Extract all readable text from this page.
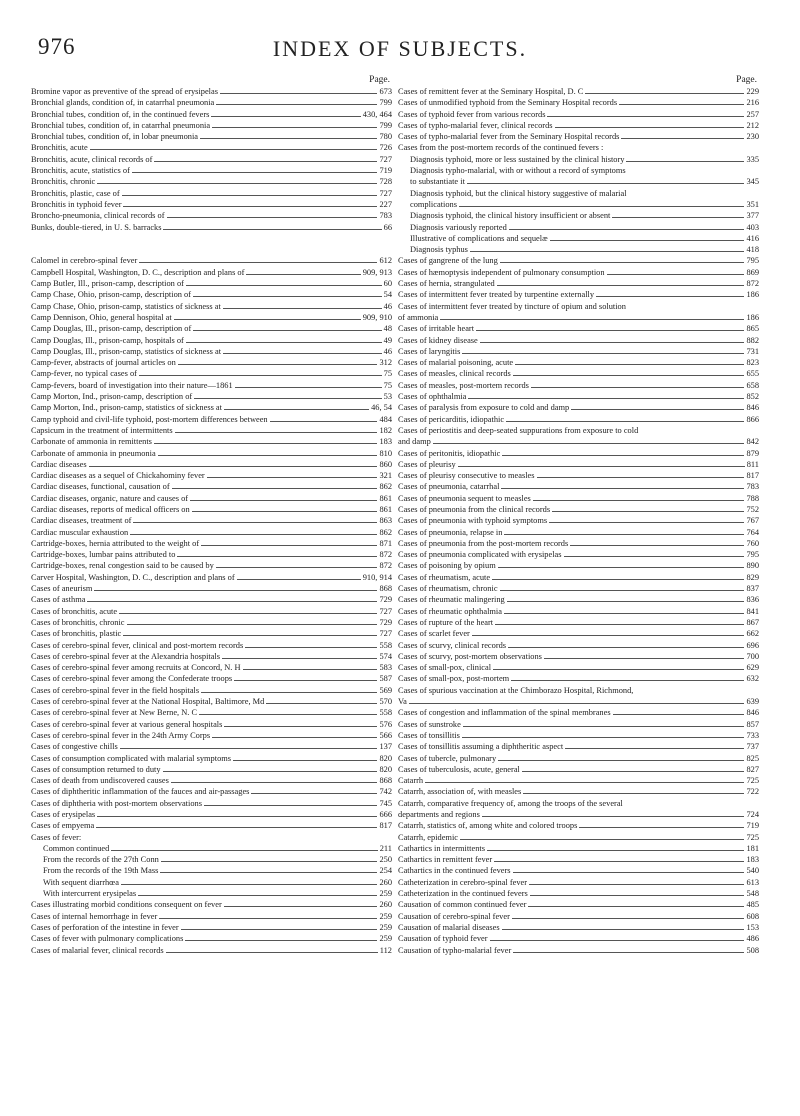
976	INDEX OF SUBJECTS.
Page.
Bromine vapor as preventive of the spread of erysipelas	673
Bronchial glands, condition of, in catarrhal pneumonia	799
Bronchial tubes, condition of, in the continued fevers	430, 464
Bronchial tubes, condition of, in catarrhal pneumonia	799
Bronchial tubes, condition of, in lobar pneumonia	780
Bronchitis, acute	726
Bronchitis, acute, clinical records of	727
Bronchitis, acute, statistics of	719
Bronchitis, chronic	728
Bronchitis, plastic, case of	727
Bronchitis in typhoid fever	227
Broncho-pneumonia, clinical records of	783
Bunks, double-tiered, in U. S. barracks	66
Calomel in cerebro-spinal fever	612
Campbell Hospital, Washington, D. C., description and plans of	909, 913
Camp Butler, Ill., prison-camp, description of	60
Camp Chase, Ohio, prison-camp, description of	54
Camp Chase, Ohio, prison-camp, statistics of sickness at	46
Camp Dennison, Ohio, general hospital at	909, 910
Camp Douglas, Ill., prison-camp, description of	48
Camp Douglas, Ill., prison-camp, hospitals of	49
Camp Douglas, Ill., prison-camp, statistics of sickness at	46
Camp-fever, abstracts of journal articles on	312
Camp-fever, no typical cases of	75
Camp-fevers, board of investigation into their nature—1861	75
Camp Morton, Ind., prison-camp, description of	53
Camp Morton, Ind., prison-camp, statistics of sickness at	46, 54
Camp typhoid and civil-life typhoid, post-mortem differences between	484
Capsicum in the treatment of intermittents	182
Carbonate of ammonia in remittents	183
Carbonate of ammonia in pneumonia	810
Cardiac diseases	860
Cardiac diseases as a sequel of Chickahominy fever	321
Cardiac diseases, functional, causation of	862
Cardiac diseases, organic, nature and causes of	861
Cardiac diseases, reports of medical officers on	861
Cardiac diseases, treatment of	863
Cardiac muscular exhaustion	862
Cartridge-boxes, hernia attributed to the weight of	871
Cartridge-boxes, lumbar pains attributed to	872
Cartridge-boxes, renal congestion said to be caused by	872
Carver Hospital, Washington, D. C., description and plans of	910, 914
Cases of aneurism	868
Cases of asthma	729
Cases of bronchitis, acute	727
Cases of bronchitis, chronic	729
Cases of bronchitis, plastic	727
Cases of cerebro-spinal fever, clinical and post-mortem records	558
Cases of cerebro-spinal fever at the Alexandria hospitals	574
Cases of cerebro-spinal fever among recruits at Concord, N. H	583
Cases of cerebro-spinal fever among the Confederate troops	587
Cases of cerebro-spinal fever in the field hospitals	569
Cases of cerebro-spinal fever at the National Hospital, Baltimore, Md	570
Cases of cerebro-spinal fever at New Berne, N. C	558
Cases of cerebro-spinal fever at various general hospitals	576
Cases of cerebro-spinal fever in the 24th Army Corps	566
Cases of congestive chills	137
Cases of consumption complicated with malarial symptoms	820
Cases of consumption returned to duty	820
Cases of death from undiscovered causes	868
Cases of diphtheritic inflammation of the fauces and air-passages	742
Cases of diphtheria with post-mortem observations	745
Cases of erysipelas	666
Cases of empyema	817
Cases of fever:
Common continued	211
From the records of the 27th Conn	250
From the records of the 19th Mass	254
With sequent diarrhœa	260
With intercurrent erysipelas	259
Cases illustrating morbid conditions consequent on fever	260
Cases of internal hemorrhage in fever	259
Cases of perforation of the intestine in fever	259
Cases of fever with pulmonary complications	259
Cases of malarial fever, clinical records	112
Page.
Cases of remittent fever at the Seminary Hospital, D. C	229
Cases of unmodified typhoid from the Seminary Hospital records	216
Cases of typhoid fever from various records	257
Cases of typho-malarial fever, clinical records	212
Cases of typho-malarial fever from the Seminary Hospital records	230
Cases from the post-mortem records of the continued fevers :
Diagnosis typhoid, more or less sustained by the clinical history	335
Diagnosis typho-malarial, with or without a record of symptoms
to substantiate it	345
Diagnosis typhoid, but the clinical history suggestive of malarial
complications	351
Diagnosis typhoid, the clinical history insufficient or absent	377
Diagnosis variously reported	403
Illustrative of complications and sequelæ	416
Diagnosis typhus	418
Cases of gangrene of the lung	795
Cases of hæmoptysis independent of pulmonary consumption	869
Cases of hernia, strangulated	872
Cases of intermittent fever treated by turpentine externally	186
Cases of intermittent fever treated by tincture of opium and solution
of ammonia	186
Cases of irritable heart	865
Cases of kidney disease	882
Cases of laryngitis	731
Cases of malarial poisoning, acute	823
Cases of measles, clinical records	655
Cases of measles, post-mortem records	658
Cases of ophthalmia	852
Cases of paralysis from exposure to cold and damp	846
Cases of pericarditis, idiopathic	866
Cases of periostitis and deep-seated suppurations from exposure to cold
and damp	842
Cases of peritonitis, idiopathic	879
Cases of pleurisy	811
Cases of pleurisy consecutive to measles	817
Cases of pneumonia, catarrhal	783
Cases of pneumonia sequent to measles	788
Cases of pneumonia from the clinical records	752
Cases of pneumonia with typhoid symptoms	767
Cases of pneumonia, relapse in	764
Cases of pneumonia from the post-mortem records	760
Cases of pneumonia complicated with erysipelas	795
Cases of poisoning by opium	890
Cases of rheumatism, acute	829
Cases of rheumatism, chronic	837
Cases of rheumatic malingering	836
Cases of rheumatic ophthalmia	841
Cases of rupture of the heart	867
Cases of scarlet fever	662
Cases of scurvy, clinical records	696
Cases of scurvy, post-mortem observations	700
Cases of small-pox, clinical	629
Cases of small-pox, post-mortem	632
Cases of spurious vaccination at the Chimborazo Hospital, Richmond,
Va	639
Cases of congestion and inflammation of the spinal membranes	846
Cases of sunstroke	857
Cases of tonsillitis	733
Cases of tonsillitis assuming a diphtheritic aspect	737
Cases of tubercle, pulmonary	825
Cases of tuberculosis, acute, general	827
Catarrh	725
Catarrh, association of, with measles	722
Catarrh, comparative frequency of, among the troops of the several
departments and regions	724
Catarrh, statistics of, among white and colored troops	719
Catarrh, epidemic	725
Cathartics in intermittents	181
Cathartics in remittent fever	183
Cathartics in the continued fevers	540
Catheterization in cerebro-spinal fever	613
Catheterization in the continued fevers	548
Causation of common continued fever	485
Causation of cerebro-spinal fever	608
Causation of malarial diseases	153
Causation of typhoid fever	486
Causation of typho-malarial fever	508
